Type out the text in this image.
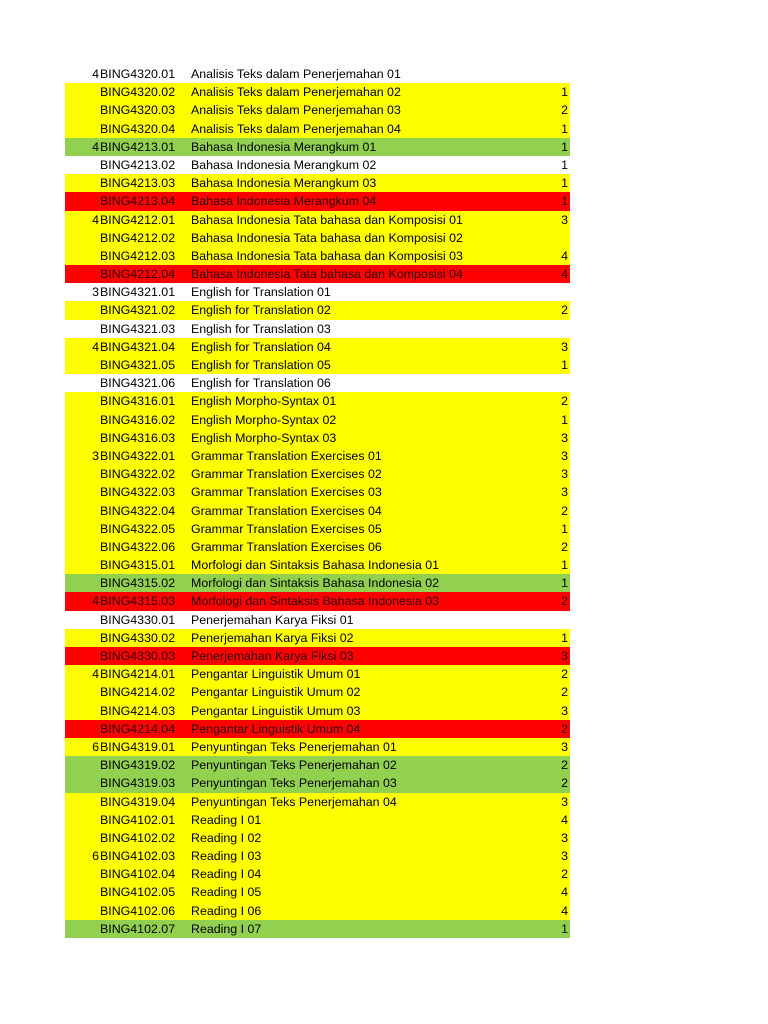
4 BING4320.01	Analisis Teks dalam Penerjemahan 01
BING4320.02	Analisis Teks dalam Penerjemahan 02	1
BING4320.03	Analisis Teks dalam Penerjemahan 03	2
BING4320.04	Analisis Teks dalam Penerjemahan 04	1
4 BING4213.01	Bahasa Indonesia Merangkum 01	1
BING4213.02	Bahasa Indonesia Merangkum 02	1
BING4213.03	Bahasa Indonesia Merangkum 03	1
BING4213.04	Bahasa Indonesia Merangkum 04	1
4 BING4212.01	Bahasa Indonesia Tata bahasa dan Komposisi 01	3
BING4212.02	Bahasa Indonesia Tata bahasa dan Komposisi 02
BING4212.03	Bahasa Indonesia Tata bahasa dan Komposisi 03	4
BING4212.04	Bahasa Indonesia Tata bahasa dan Komposisi 04	4
3 BING4321.01	English for Translation 01
BING4321.02	English for Translation 02	2
BING4321.03	English for Translation 03
4 BING4321.04	English for Translation 04	3
BING4321.05	English for Translation 05	1
BING4321.06	English for Translation 06
BING4316.01	English Morpho-Syntax 01	2
BING4316.02	English Morpho-Syntax 02	1
BING4316.03	English Morpho-Syntax 03	3
3 BING4322.01	Grammar Translation Exercises 01	3
BING4322.02	Grammar Translation Exercises 02	3
BING4322.03	Grammar Translation Exercises 03	3
BING4322.04	Grammar Translation Exercises 04	2
BING4322.05	Grammar Translation Exercises 05	1
BING4322.06	Grammar Translation Exercises 06	2
BING4315.01	Morfologi dan Sintaksis Bahasa Indonesia 01	1
BING4315.02	Morfologi dan Sintaksis Bahasa Indonesia 02	1
4 BING4315.03	Morfologi dan Sintaksis Bahasa Indonesia 03	2
BING4330.01	Penerjemahan Karya Fiksi 01
BING4330.02	Penerjemahan Karya Fiksi 02	1
BING4330.03	Penerjemahan Karya Fiksi 03	3
4 BING4214.01	Pengantar Linguistik Umum 01	2
BING4214.02	Pengantar Linguistik Umum 02	2
BING4214.03	Pengantar Linguistik Umum 03	3
BING4214.04	Pengantar Linguistik Umum 04	2
6 BING4319.01	Penyuntingan Teks Penerjemahan 01	3
BING4319.02	Penyuntingan Teks Penerjemahan 02	2
BING4319.03	Penyuntingan Teks Penerjemahan 03	2
BING4319.04	Penyuntingan Teks Penerjemahan 04	3
BING4102.01	Reading I 01	4
BING4102.02	Reading I 02	3
6 BING4102.03	Reading I 03	3
BING4102.04	Reading I 04	2
BING4102.05	Reading I 05	4
BING4102.06	Reading I 06	4
BING4102.07	Reading I 07	1
